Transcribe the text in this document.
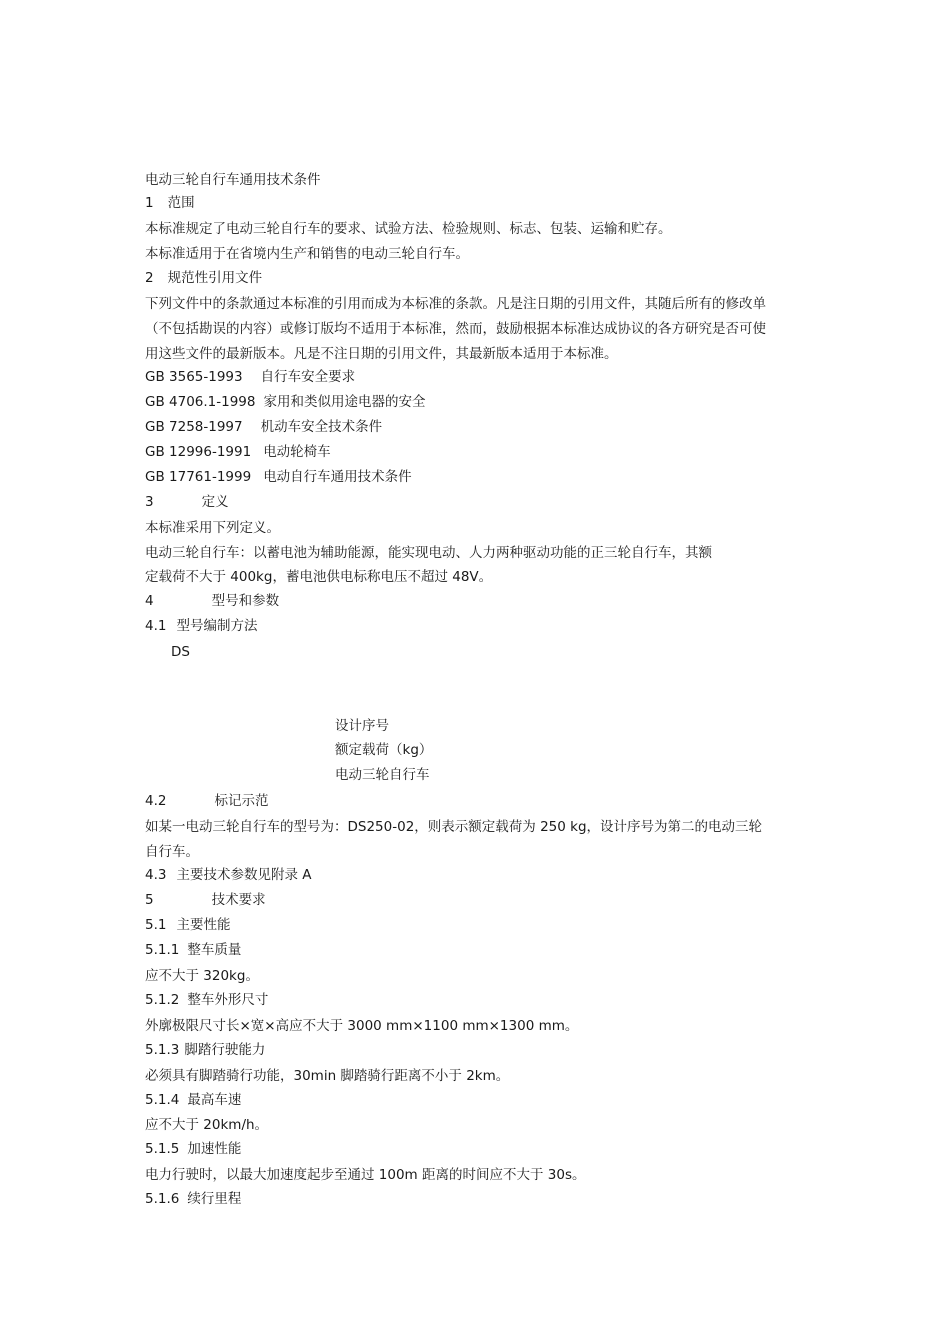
电动三轮自行车通用技术条件
1 范围
本标准规定了电动三轮自行车的要求、试验方法、检验规则、标志、包装、运输和贮存。
本标准适用于在省境内生产和销售的电动三轮自行车。
2 规范性引用文件
下列文件中的条款通过本标准的引用而成为本标准的条款。凡是注日期的引用文件，其随后所有的修改单
（不包括勘误的内容）或修订版均不适用于本标准，然而，鼓励根据本标准达成协议的各方研究是否可使
用这些文件的最新版本。凡是不注日期的引用文件，其最新版本适用于本标准。
GB 3565-1993 自行车安全要求
GB 4706.1-1998 家用和类似用途电器的安全
GB 7258-1997 机动车安全技术条件
GB 12996-1991 电动轮椅车
GB 17761-1999 电动自行车通用技术条件
3	定义
本标准采用下列定义。
电动三轮自行车：以蓄电池为辅助能源，能实现电动、人力两种驱动功能的正三轮自行车，其额
定载荷不大于 400kg，蓄电池供电标称电压不超过 48V。
4	型号和参数
4.1 型号编制方法
DS
设计序号
额定载荷（kg）
电动三轮自行车
4.2	标记示范
如某一电动三轮自行车的型号为：DS250-02，则表示额定载荷为 250 kg，设计序号为第二的电动三轮
自行车。
4.3 主要技术参数见附录 A
5	技术要求
5.1 主要性能
5.1.1 整车质量
应不大于 320kg。
5.1.2 整车外形尺寸
外廓极限尺寸长×宽×高应不大于 3000 mm×1100 mm×1300 mm。
5.1.3 脚踏行驶能力
必须具有脚踏骑行功能，30min 脚踏骑行距离不小于 2km。
5.1.4 最高车速
应不大于 20km/h。
5.1.5 加速性能
电力行驶时，以最大加速度起步至通过 100m 距离的时间应不大于 30s。
5.1.6 续行里程
